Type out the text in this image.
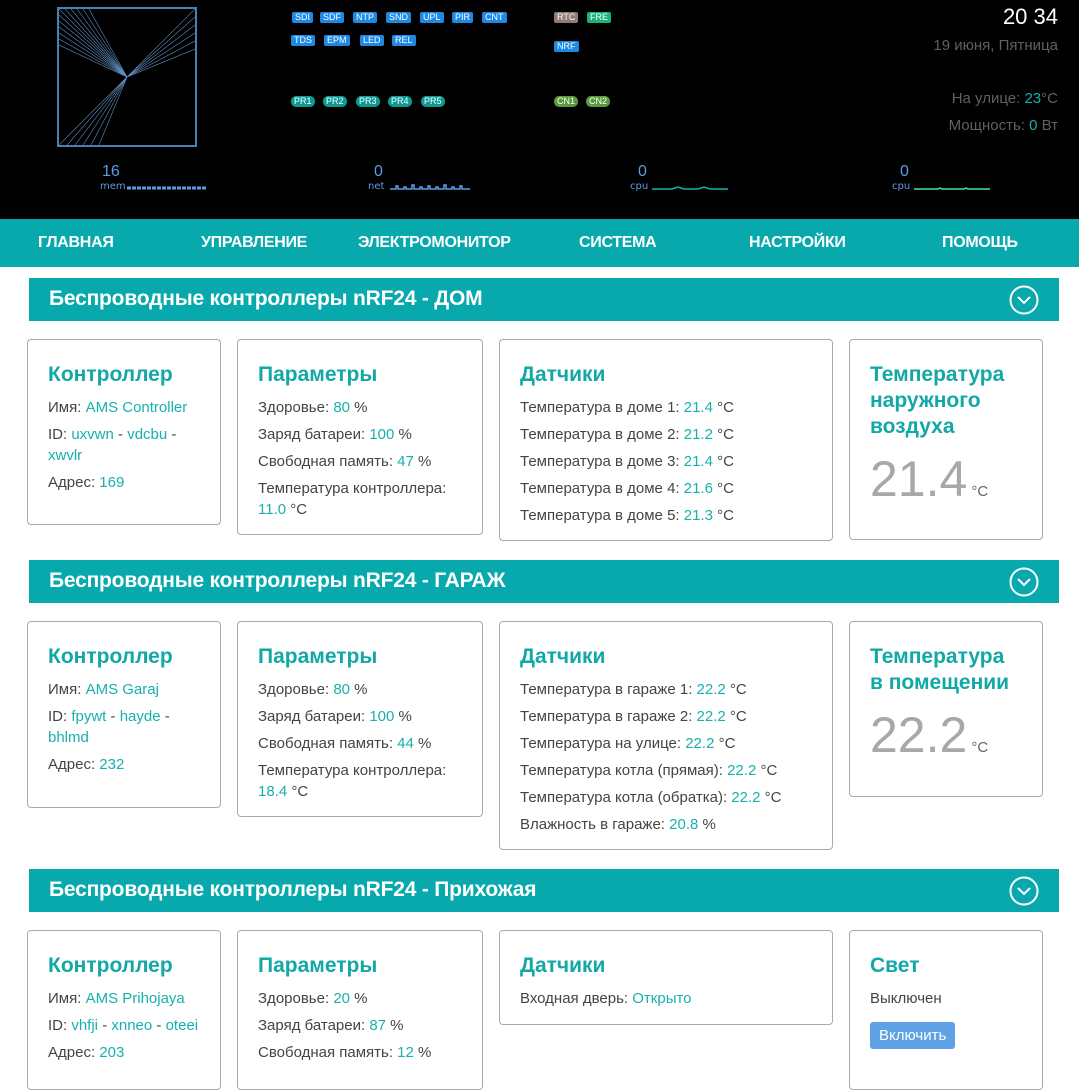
SDI	SDF	NTP	SND	UPL	PIR	CNT
TDS	EPM	LED	REL
PR1	PR2	PR3	PR4	PR5
RTC	FRE
NRF
CN1	CN2
20 34
19 июня, Пятница
На улице: 23°C
Мощность: 0 Вт
16
mem
0
net
0
cpu
0
cpu
ГЛАВНАЯ	УПРАВЛЕНИЕ	ЭЛЕКТРОМОНИТОР	СИСТЕМА	НАСТРОЙКИ	ПОМОЩЬ
Беспроводные контроллеры nRF24 - ДОМ
Контроллер
Имя: AMS Controller
ID: uxvwn - vdcbu - xwvlr
Адрес: 169
Параметры
Здоровье: 80 %
Заряд батареи: 100 %
Свободная память: 47 %
Температура контроллера: 11.0 °C
Датчики
Температура в доме 1: 21.4 °C
Температура в доме 2: 21.2 °C
Температура в доме 3: 21.4 °C
Температура в доме 4: 21.6 °C
Температура в доме 5: 21.3 °C
Температура наружного воздуха
21.4 °C
Беспроводные контроллеры nRF24 - ГАРАЖ
Контроллер
Имя: AMS Garaj
ID: fpywt - hayde - bhlmd
Адрес: 232
Параметры
Здоровье: 80 %
Заряд батареи: 100 %
Свободная память: 44 %
Температура контроллера: 18.4 °C
Датчики
Температура в гараже 1: 22.2 °C
Температура в гараже 2: 22.2 °C
Температура на улице: 22.2 °C
Температура котла (прямая): 22.2 °C
Температура котла (обратка): 22.2 °C
Влажность в гараже: 20.8 %
Температура в помещении
22.2 °C
Беспроводные контроллеры nRF24 - Прихожая
Контроллер
Имя: AMS Prihojaya
ID: vhfji - xnneo - oteei
Адрес: 203
Параметры
Здоровье: 20 %
Заряд батареи: 87 %
Свободная память: 12 %
Датчики
Входная дверь: Открыто
Свет
Выключен
Включить
